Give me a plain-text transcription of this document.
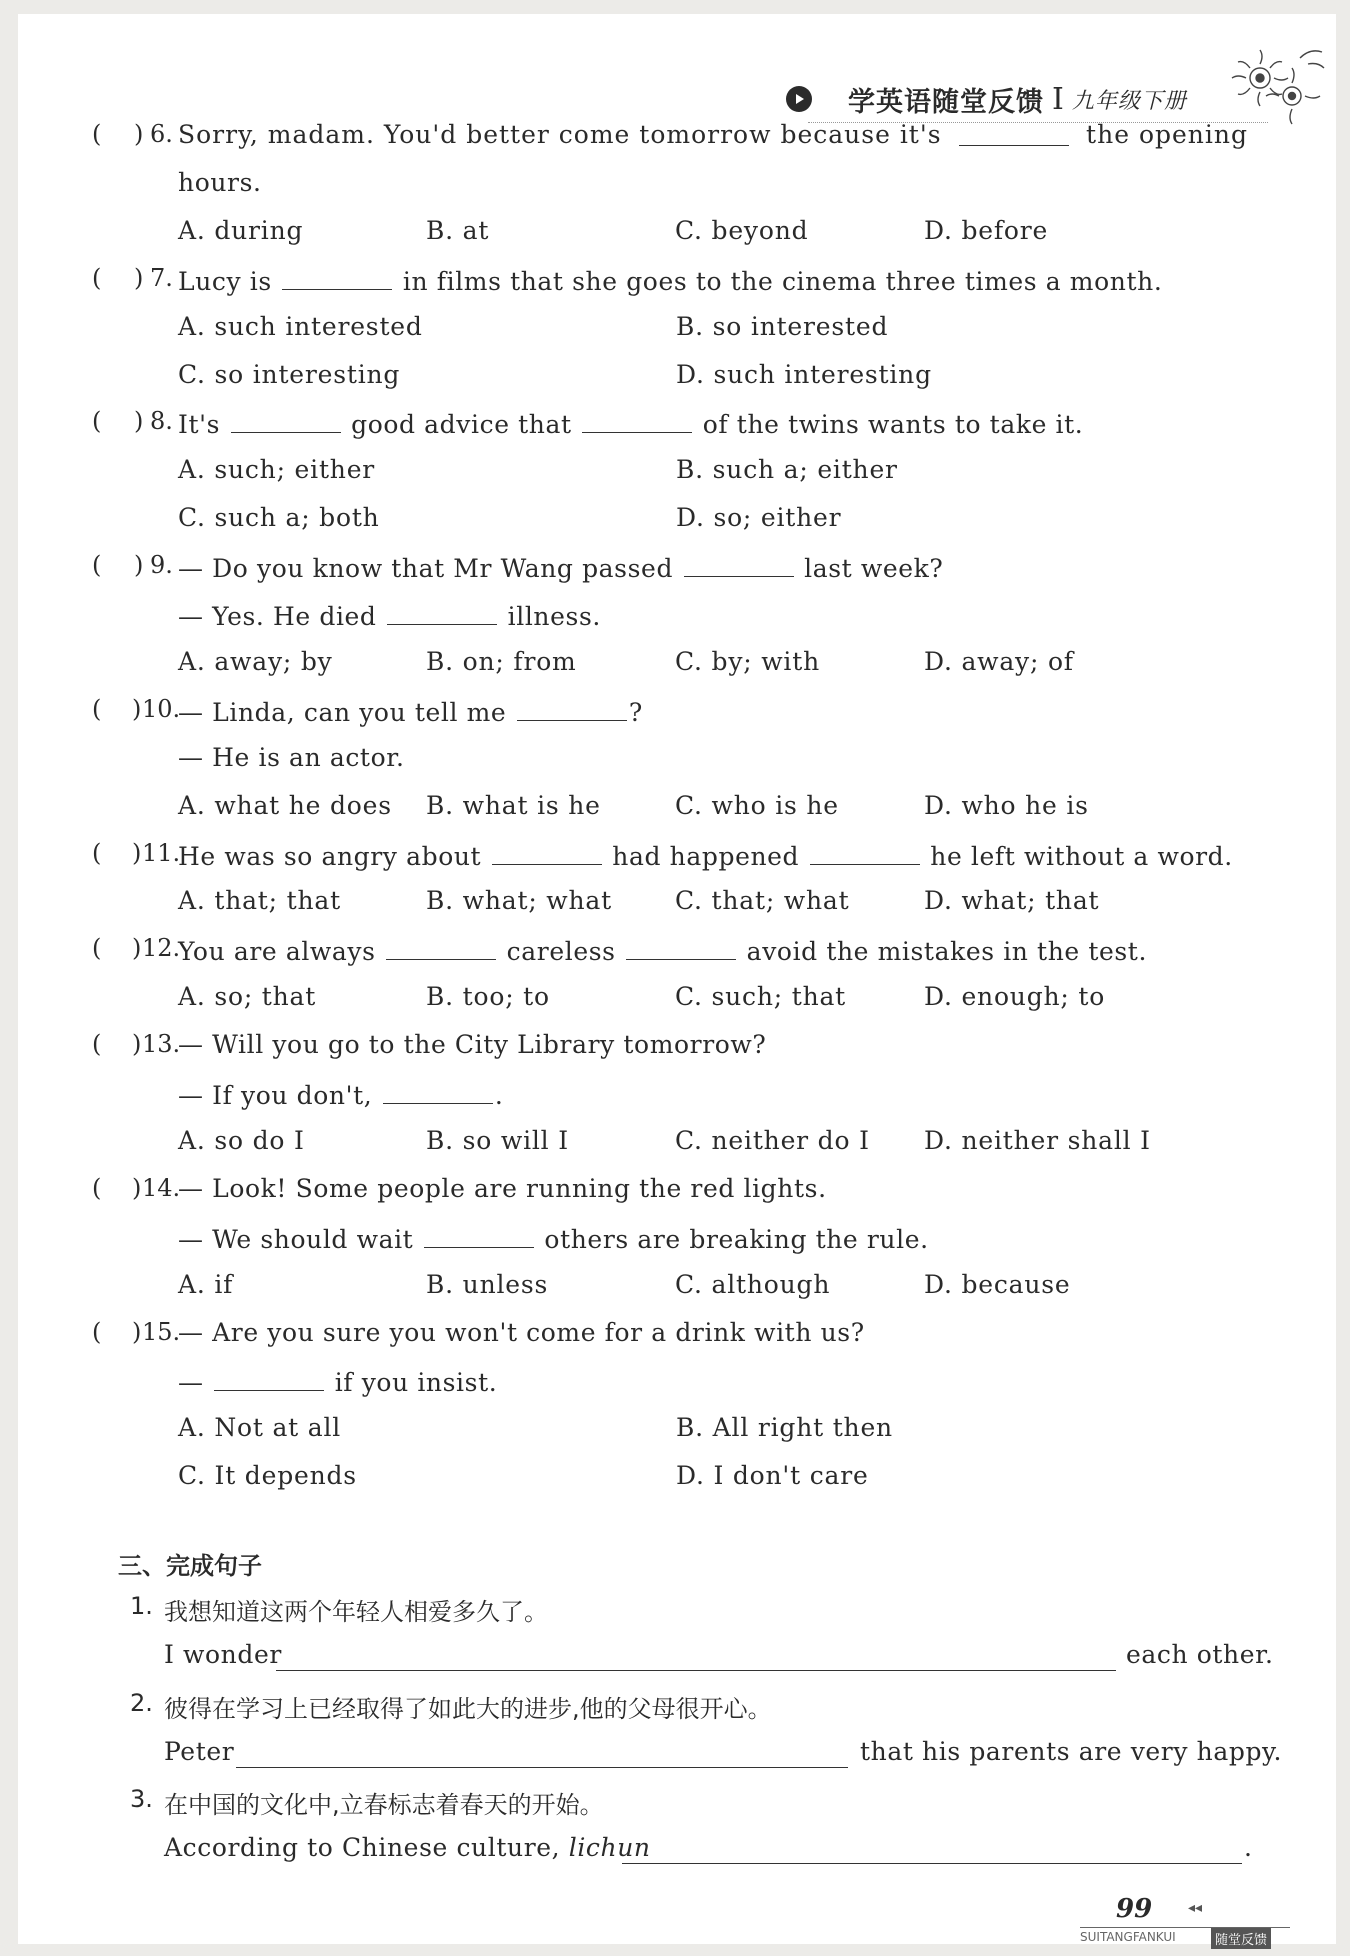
学英语随堂反馈 I 九年级下册
( ) 6. Sorry, madam. You'd better come tomorrow because it's	the opening
hours.
A. during	B. at	C. beyond	D. before
( ) 7. Lucy is	in films that she goes to the cinema three times a month.
A. such interested	B. so interested
C. so interesting	D. such interesting
( ) 8. It's	good advice that	of the twins wants to take it.
A. such; either	B. such a; either
C. such a; both	D. so; either
( ) 9. — Do you know that Mr Wang passed	last week?
— Yes. He died	illness.
A. away; by	B. on; from	C. by; with	D. away; of
( ) 10.
— Linda, can you tell me	?
— He is an actor.
A. what he does B. what is he	C. who is he	D. who he is
( ) 11.
He was so angry about	had happened	he left without a word.
A. that; that	B. what; what	C. that; what	D. what; that
( ) 12.
You are always	careless	avoid the mistakes in the test.
A. so; that	B. too; to	C. such; that	D. enough; to
( ) 13.
— Will you go to the City Library tomorrow?
— If you don't,	.
A. so do I	B. so will I	C. neither do I D. neither shall I
( ) 14.
— Look! Some people are running the red lights.
— We should wait	others are breaking the rule.
A. if	B. unless	C. although	D. because
( ) 15.
— Are you sure you won't come for a drink with us?
—	if you insist.
A. Not at all	B. All right then
C. It depends	D. I don't care
三、完成句子
1. 我想知道这两个年轻人相爱多久了。
I wonder	each other.
2. 彼得在学习上已经取得了如此大的进步,他的父母很开心。
Peter	that his parents are very happy.
3. 在中国的文化中,立春标志着春天的开始。
According to Chinese culture, lichun	.
99	◂◂
SUITANGFANKUI	随堂反馈
